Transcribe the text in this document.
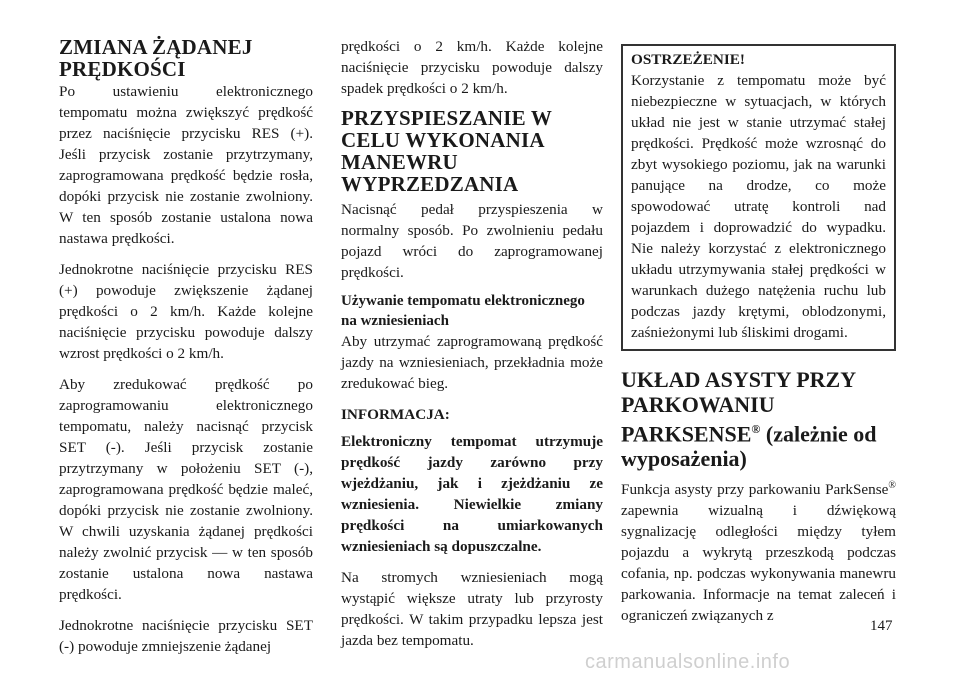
ZMIANA ŻĄDANEJ PRĘDKOŚCI

Po ustawieniu elektronicznego tempomatu można zwiększyć prędkość przez naciśnięcie przycisku RES (+). Jeśli przycisk zostanie przytrzymany, zaprogramowana prędkość będzie rosła, dopóki przycisk nie zostanie zwolniony. W ten sposób zostanie ustalona nowa nastawa prędkości.

Jednokrotne naciśnięcie przycisku RES (+) powoduje zwiększenie żądanej prędkości o 2 km/h. Każde kolejne naciśnięcie przycisku powoduje dalszy wzrost prędkości o 2 km/h.

Aby zredukować prędkość po zaprogramowaniu elektronicznego tempomatu, należy nacisnąć przycisk SET (-). Jeśli przycisk zostanie przytrzymany w położeniu SET (-), zaprogramowana prędkość będzie maleć, dopóki przycisk nie zostanie zwolniony. W chwili uzyskania żądanej prędkości należy zwolnić przycisk — w ten sposób zostanie ustalona nowa nastawa prędkości.

Jednokrotne naciśnięcie przycisku SET (-) powoduje zmniejszenie żądanej

prędkości o 2 km/h. Każde kolejne naciśnięcie przycisku powoduje dalszy spadek prędkości o 2 km/h.

PRZYSPIESZANIE W CELU WYKONANIA MANEWRU WYPRZEDZANIA

Nacisnąć pedał przyspieszenia w normalny sposób. Po zwolnieniu pedału pojazd wróci do zaprogramowanej prędkości.

Używanie tempomatu elektronicznego na wzniesieniach

Aby utrzymać zaprogramowaną prędkość jazdy na wzniesieniach, przekładnia może zredukować bieg.

INFORMACJA:
Elektroniczny tempomat utrzymuje prędkość jazdy zarówno przy wjeżdżaniu, jak i zjeżdżaniu ze wzniesienia. Niewielkie zmiany prędkości na umiarkowanych wzniesieniach są dopuszczalne.

Na stromych wzniesieniach mogą wystąpić większe utraty lub przyrosty prędkości. W takim przypadku lepsza jest jazda bez tempomatu.

OSTRZEŻENIE!

Korzystanie z tempomatu może być niebezpieczne w sytuacjach, w których układ nie jest w stanie utrzymać stałej prędkości. Prędkość może wzrosnąć do zbyt wysokiego poziomu, jak na warunki panujące na drodze, co może spowodować utratę kontroli nad pojazdem i doprowadzić do wypadku. Nie należy korzystać z elektronicznego układu utrzymywania stałej prędkości w warunkach dużego natężenia ruchu lub podczas jazdy krętymi, oblodzonymi, zaśnieżonymi lub śliskimi drogami.

UKŁAD ASYSTY PRZY PARKOWANIU PARKSENSE® (zależnie od wyposażenia)

Funkcja asysty przy parkowaniu ParkSense® zapewnia wizualną i dźwiękową sygnalizację odległości między tyłem pojazdu a wykrytą przeszkodą podczas cofania, np. podczas wykonywania manewru parkowania. Informacje na temat zaleceń i ograniczeń związanych z

147
carmanualsonline.info
